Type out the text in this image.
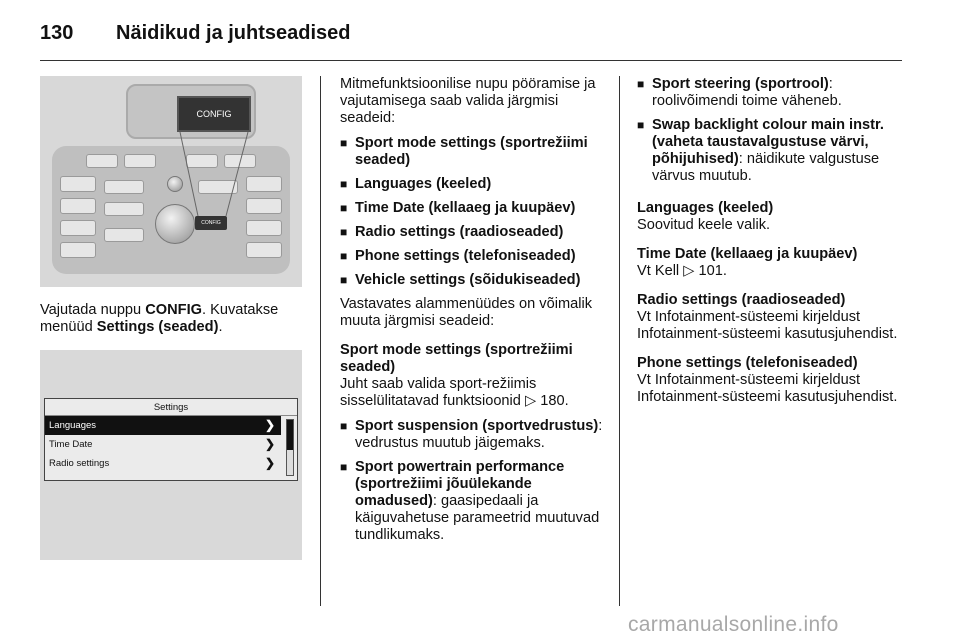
130	Näidikud ja juhtseadised
CONFIG
CONFIG

Vajutada nuppu CONFIG. Kuvatakse menüüd Settings (seaded).

Settings
Languages	❯
Time Date	❯
Radio settings	❯

Mitmefunktsioonilise nupu pööramise ja vajutamisega saab valida järgmisi seadeid:

■ Sport mode settings (sportrežiimi seaded)
■ Languages (keeled)
■ Time Date (kellaaeg ja kuupäev)
■ Radio settings (raadioseaded)
■ Phone settings (telefoniseaded)
■ Vehicle settings (sõidukiseaded)

Vastavates alammenüüdes on võimalik muuta järgmisi seadeid:

Sport mode settings (sportrežiimi seaded)

Juht saab valida sport-režiimis sisselülitatavad funktsioonid ▷ 180.

■ Sport suspension (sportvedrustus): vedrustus muutub jäigemaks.
■ Sport powertrain performance (sportrežiimi jõuülekande omadused): gaasipedaali ja käiguvahetuse parameetrid muutuvad tundlikumaks.
■ Sport steering (sportrool): roolivõimendi toime väheneb.
■ Swap backlight colour main instr. (vaheta taustavalgustuse värvi, põhijuhised): näidikute valgustuse värvus muutub.

Languages (keeled)

Soovitud keele valik.

Time Date (kellaaeg ja kuupäev)

Vt Kell ▷ 101.

Radio settings (raadioseaded)

Vt Infotainment-süsteemi kirjeldust Infotainment-süsteemi kasutusjuhendist.

Phone settings (telefoniseaded)

Vt Infotainment-süsteemi kirjeldust Infotainment-süsteemi kasutusjuhendist.

carmanualsonline.info
